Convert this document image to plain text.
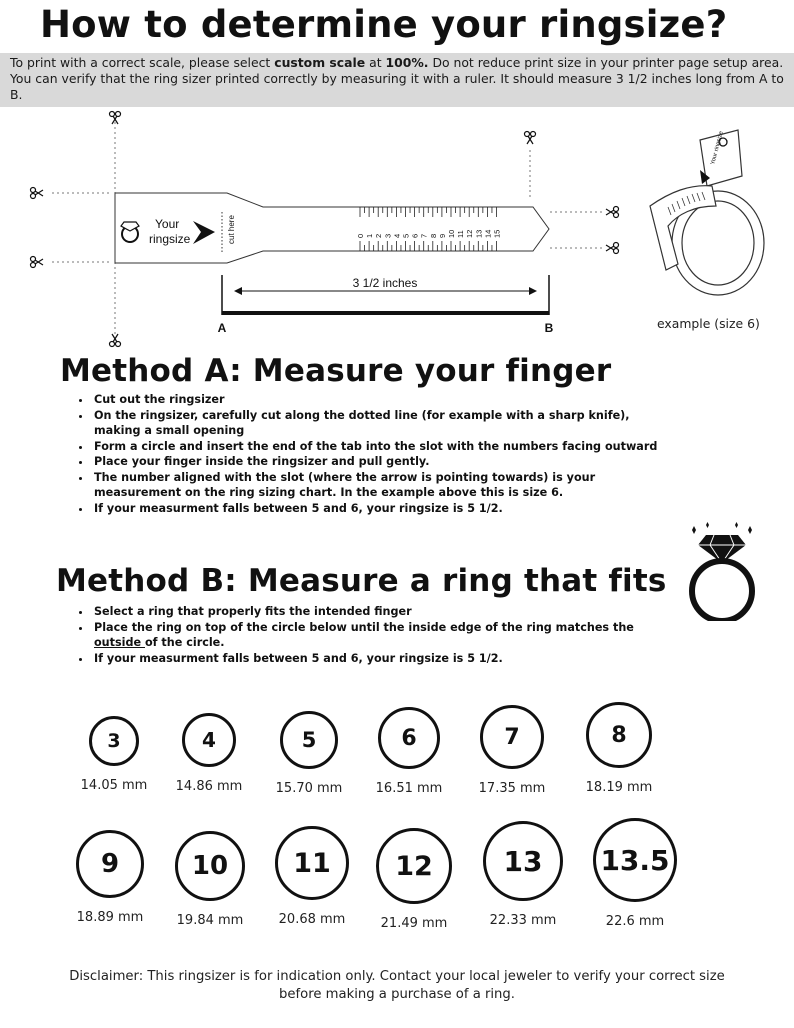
How to determine your ringsize?
To print with a correct scale, please select custom scale at 100%. Do not reduce print size in your printer page setup area. You can verify that the ring sizer printed correctly by measuring it with a ruler. It should measure 3 1/2 inches long from A to B.
Your
ringsize	cut here	0 1 2 3 4 5 6 7 8 9 10 11 12 13 14 15
3 1/2 inches
A	B
Your ringsize
example (size 6)
Method A: Measure your finger
• Cut out the ringsizer
• On the ringsizer, carefully cut along the dotted line (for example with a sharp knife), making a small opening
• Form a circle and insert the end of the tab into the slot with the numbers facing outward
• Place your finger inside the ringsizer and pull gently.
• The number aligned with the slot (where the arrow is pointing towards) is your measurement on the ring sizing chart. In the example above this is size 6.
• If your measurment falls between 5 and 6, your ringsize is 5 1/2.
Method B: Measure a ring that fits
• Select a ring that properly fits the intended finger
• Place the ring on top of the circle below until the inside edge of the ring matches the outside of the circle.
• If your measurment falls between 5 and 6, your ringsize is 5 1/2.
3
14.05 mm
4
14.86 mm
5
15.70 mm
6
16.51 mm
7
17.35 mm
8
18.19 mm
9
18.89 mm
10
19.84 mm
11
20.68 mm
12
21.49 mm
13
22.33 mm
13.5
22.6 mm
Disclaimer: This ringsizer is for indication only. Contact your local jeweler to verify your correct size before making a purchase of a ring.
